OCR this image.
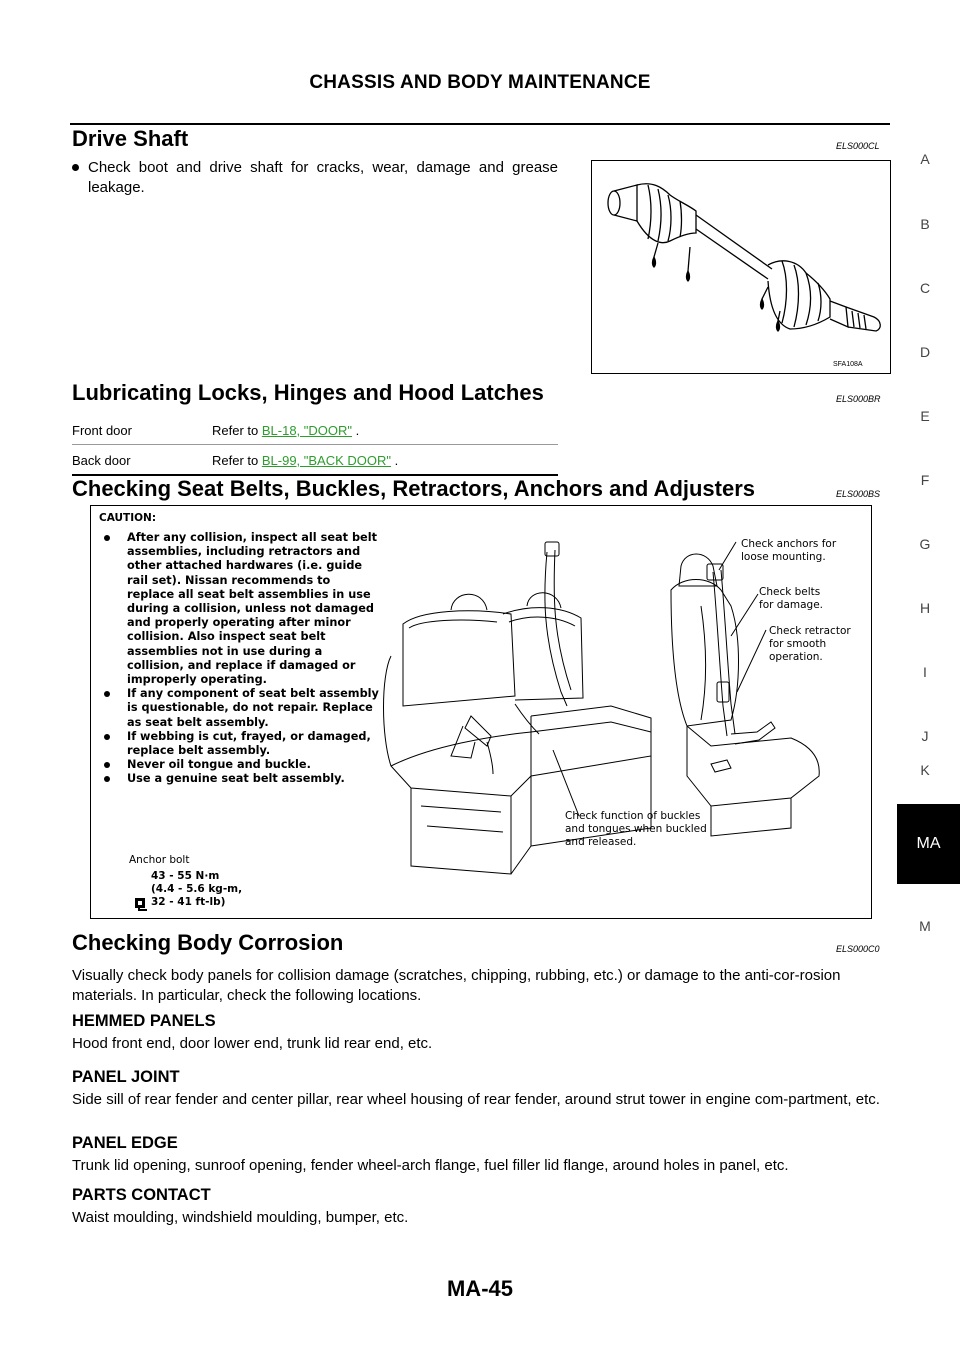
CHASSIS AND BODY MAINTENANCE
Drive Shaft	ELS000CL
Check boot and drive shaft for cracks, wear, damage and grease leakage.
SFA108A
Lubricating Locks, Hinges and Hood Latches	ELS000BR
Front door	Refer to BL-18, "DOOR" .
Back door	Refer to BL-99, "BACK DOOR" .
Checking Seat Belts, Buckles, Retractors, Anchors and Adjusters	ELS000BS
CAUTION:
After any collision, inspect all seat belt assemblies, including retractors and other attached hardwares (i.e. guide rail set). Nissan recommends to replace all seat belt assemblies in use during a collision, unless not damaged and properly operating after minor collision. Also inspect seat belt assemblies not in use during a collision, and replace if damaged or improperly operating.
If any component of seat belt assembly is questionable, do not repair. Replace as seat belt assembly.
If webbing is cut, frayed, or damaged, replace belt assembly.
Never oil tongue and buckle.
Use a genuine seat belt assembly.
Anchor bolt
43 - 55 N·m
(4.4 - 5.6 kg-m,
32 - 41 ft-lb)
Check anchors for
loose mounting.
Check belts
for damage.
Check retractor
for smooth
operation.
Check function of buckles
and tongues when buckled
and released.
Checking Body Corrosion	ELS000C0
Visually check body panels for collision damage (scratches, chipping, rubbing, etc.) or damage to the anti-cor-rosion materials. In particular, check the following locations.
HEMMED PANELS
Hood front end, door lower end, trunk lid rear end, etc.
PANEL JOINT
Side sill of rear fender and center pillar, rear wheel housing of rear fender, around strut tower in engine com-partment, etc.
PANEL EDGE
Trunk lid opening, sunroof opening, fender wheel-arch flange, fuel filler lid flange, around holes in panel, etc.
PARTS CONTACT
Waist moulding, windshield moulding, bumper, etc.
A
B
C
D
E
F
G
H
I
J
K
MA
M
MA-45
